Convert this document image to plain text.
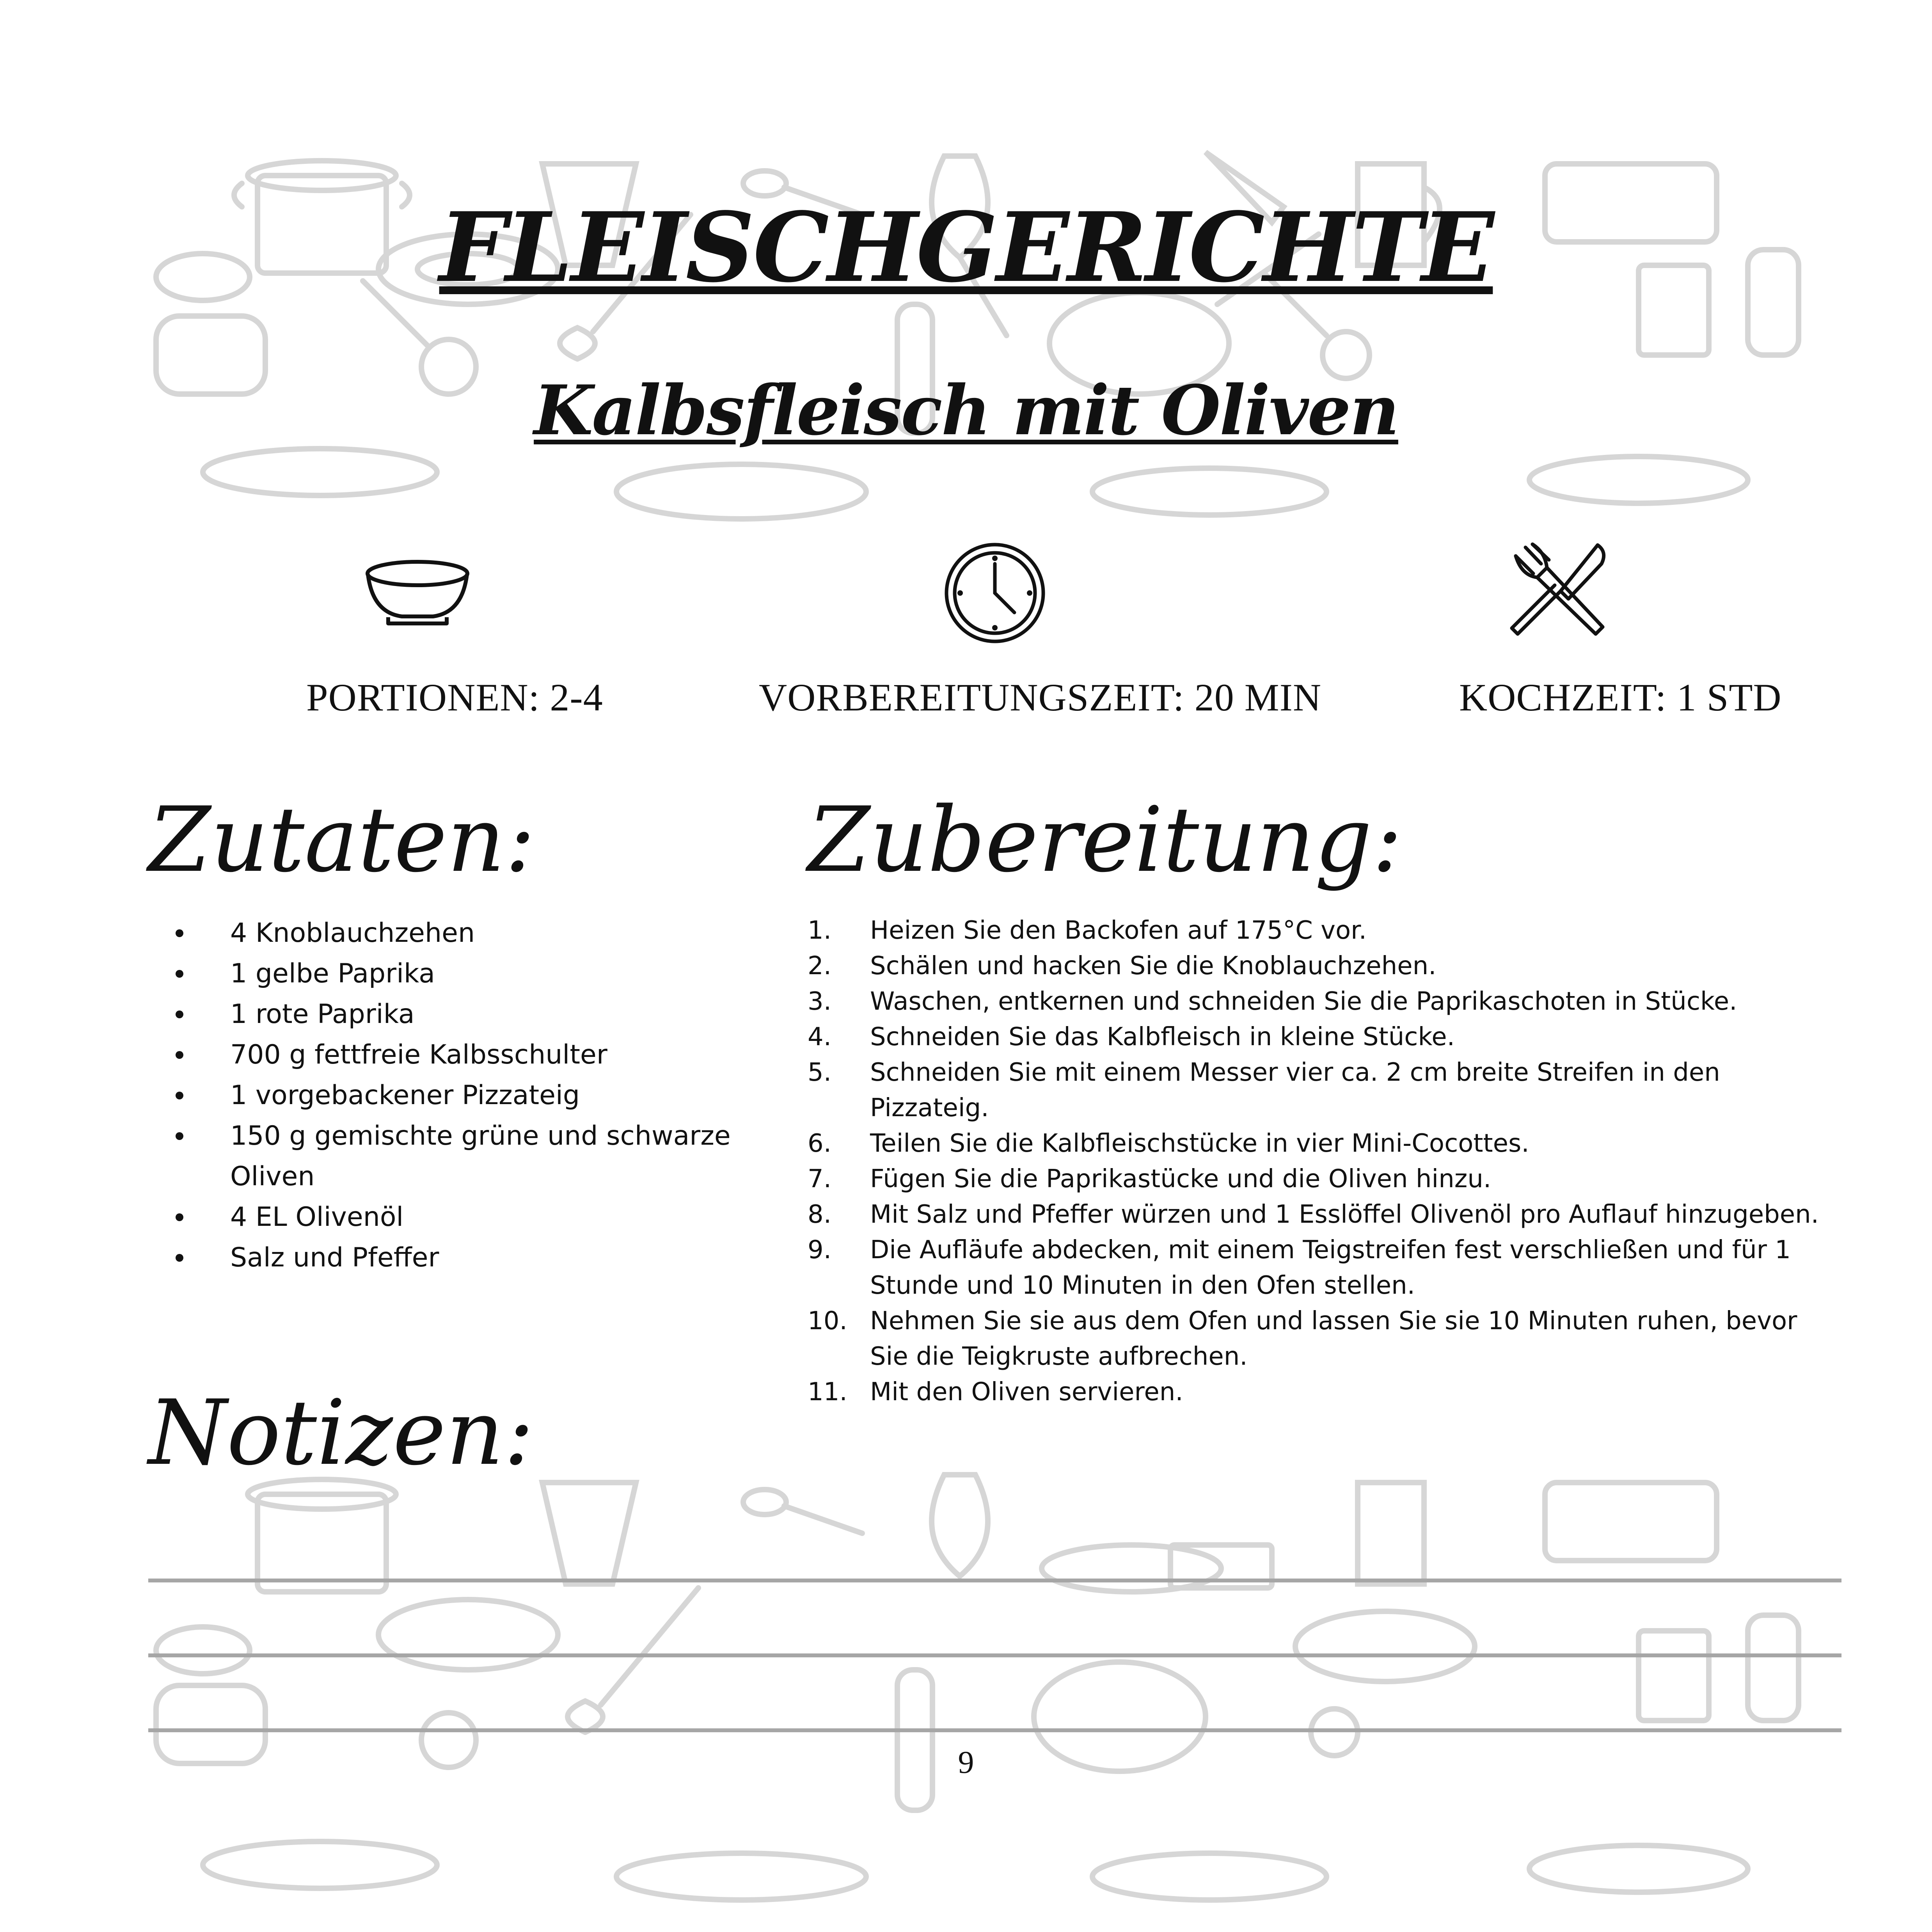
FLEISCHGERICHTE
Kalbsfleisch mit Oliven
PORTIONEN: 2-4	VORBEREITUNGSZEIT: 20 MIN	KOCHZEIT: 1 STD
Zutaten:
4 Knoblauchzehen
1 gelbe Paprika
1 rote Paprika
700 g fettfreie Kalbsschulter
1 vorgebackener Pizzateig
150 g gemischte grüne und schwarze Oliven
4 EL Olivenöl
Salz und Pfeffer
Zubereitung:
1. Heizen Sie den Backofen auf 175°C vor.
2. Schälen und hacken Sie die Knoblauchzehen.
3. Waschen, entkernen und schneiden Sie die Paprikaschoten in Stücke.
4. Schneiden Sie das Kalbfleisch in kleine Stücke.
5. Schneiden Sie mit einem Messer vier ca. 2 cm breite Streifen in den Pizzateig.
6. Teilen Sie die Kalbfleischstücke in vier Mini-Cocottes.
7. Fügen Sie die Paprikastücke und die Oliven hinzu.
8. Mit Salz und Pfeffer würzen und 1 Esslöffel Olivenöl pro Auflauf hinzugeben.
9. Die Aufläufe abdecken, mit einem Teigstreifen fest verschließen und für 1 Stunde und 10 Minuten in den Ofen stellen.
10. Nehmen Sie sie aus dem Ofen und lassen Sie sie 10 Minuten ruhen, bevor Sie die Teigkruste aufbrechen.
11. Mit den Oliven servieren.
Notizen:
9
